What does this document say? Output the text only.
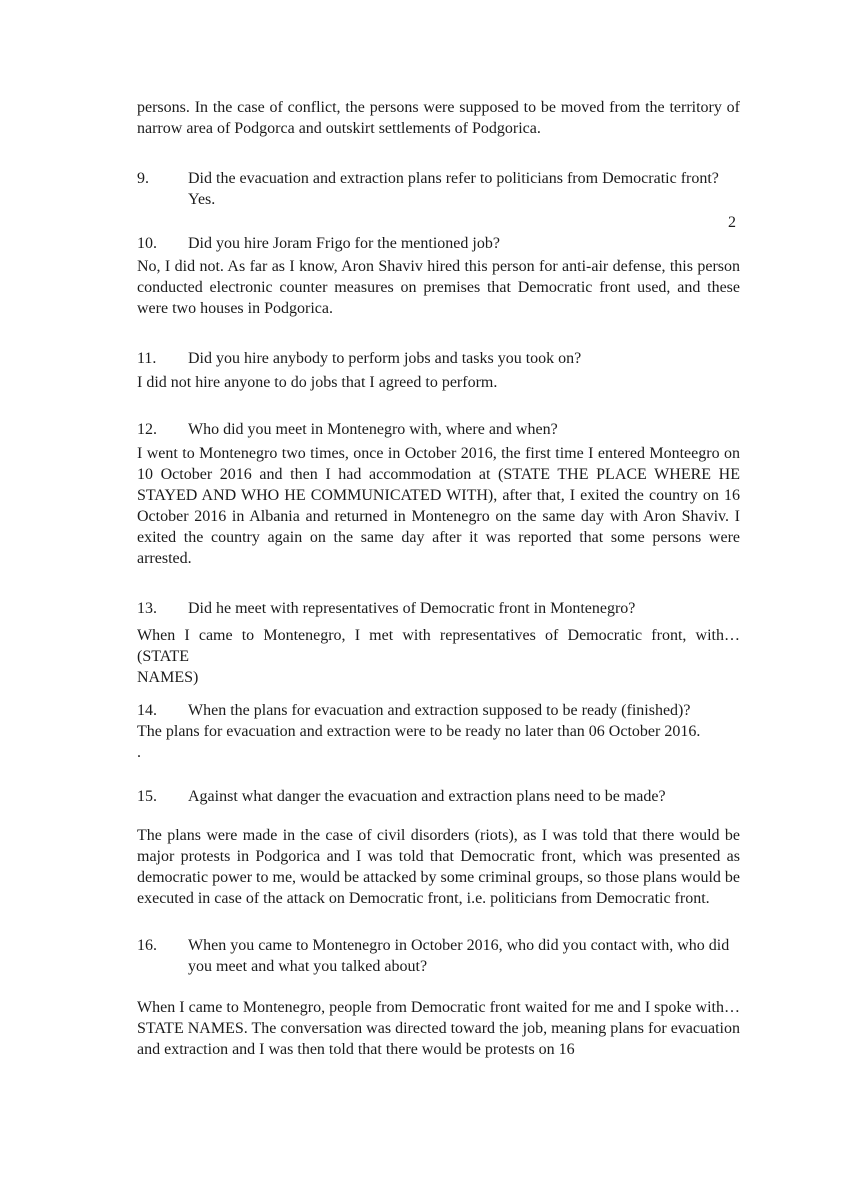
persons. In the case of conflict, the persons were supposed to be moved from the territory of narrow area of Podgorca and outskirt settlements of Podgorica.

9.	Did the evacuation and extraction plans refer to politicians from Democratic front?

Yes.

2

10.	Did you hire Joram Frigo for the mentioned job?

No, I did not. As far as I know, Aron Shaviv hired this person for anti-air defense, this person conducted electronic counter measures on premises that Democratic front used, and these were two houses in Podgorica.

11.	Did you hire anybody to perform jobs and tasks you took on?

I did not hire anyone to do jobs that I agreed to perform.

12.	Who did you meet in Montenegro with, where and when?

I went to Montenegro two times, once in October 2016, the first time I entered Monteegro on 10 October 2016 and then I had accommodation at (STATE THE PLACE WHERE HE STAYED AND WHO HE COMMUNICATED WITH), after that, I exited the country on 16 October 2016 in Albania and returned in Montenegro on the same day with Aron Shaviv. I exited the country again on the same day after it was reported that some persons were arrested.

13.	Did he meet with representatives of Democratic front in Montenegro?

When I came to Montenegro, I met with representatives of Democratic front, with…

(STATE

NAMES)

14.	When the plans for evacuation and extraction supposed to be ready (finished)?

The plans for evacuation and extraction were to be ready no later than 06 October 2016.

.

15.	Against what danger the evacuation and extraction plans need to be made?

The plans were made in the case of civil disorders (riots), as I was told that there would be major protests in Podgorica and I was told that Democratic front, which was presented as democratic power to me, would be attacked by some criminal groups, so those plans would be executed in case of the attack on Democratic front, i.e. politicians from Democratic front.

16.	When you came to Montenegro in October 2016, who did you contact with, who did you meet and what you talked about?

When I came to Montenegro, people from Democratic front waited for me and I spoke with…STATE NAMES. The conversation was directed toward the job, meaning plans for evacuation and extraction and I was then told that there would be protests on 16
